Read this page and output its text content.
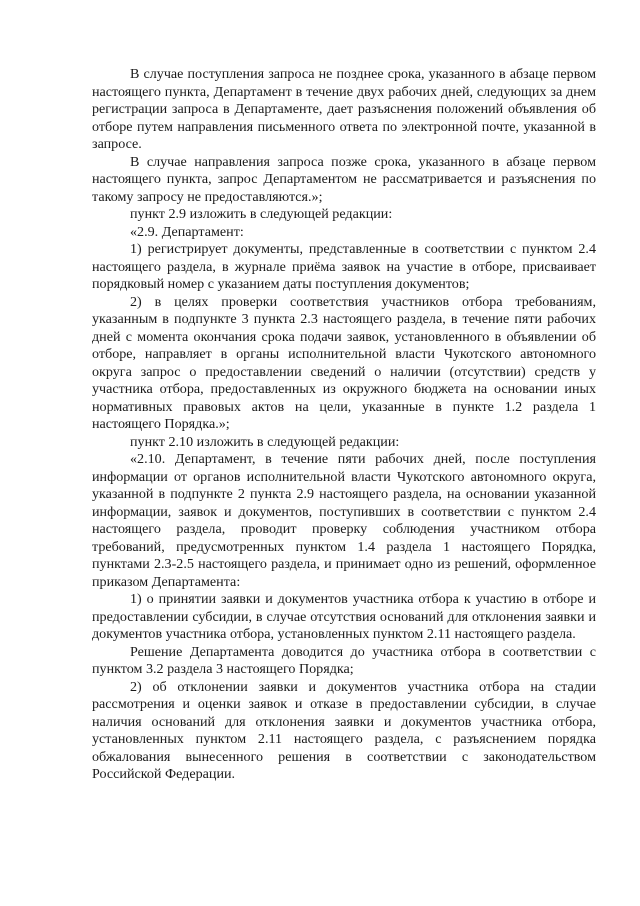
В случае поступления запроса не позднее срока, указанного в абзаце первом настоящего пункта, Департамент в течение двух рабочих дней, следующих за днем регистрации запроса в Департаменте, дает разъяснения положений объявления об отборе путем направления письменного ответа по электронной почте, указанной в запросе.

В случае направления запроса позже срока, указанного в абзаце первом настоящего пункта, запрос Департаментом не рассматривается и разъяснения по такому запросу не предоставляются.»;

пункт 2.9 изложить в следующей редакции:

«2.9. Департамент:

1) регистрирует документы, представленные в соответствии с пунктом 2.4 настоящего раздела, в журнале приёма заявок на участие в отборе, присваивает порядковый номер с указанием даты поступления документов;

2) в целях проверки соответствия участников отбора требованиям, указанным в подпункте 3 пункта 2.3 настоящего раздела, в течение пяти рабочих дней с момента окончания срока подачи заявок, установленного в объявлении об отборе, направляет в органы исполнительной власти Чукотского автономного округа запрос о предоставлении сведений о наличии (отсутствии) средств у участника отбора, предоставленных из окружного бюджета на основании иных нормативных правовых актов на цели, указанные в пункте 1.2 раздела 1 настоящего Порядка.»;

пункт 2.10 изложить в следующей редакции:

«2.10. Департамент, в течение пяти рабочих дней, после поступления информации от органов исполнительной власти Чукотского автономного округа, указанной в подпункте 2 пункта 2.9 настоящего раздела, на основании указанной информации, заявок и документов, поступивших в соответствии с пунктом 2.4 настоящего раздела, проводит проверку соблюдения участником отбора требований, предусмотренных пунктом 1.4 раздела 1 настоящего Порядка, пунктами 2.3-2.5 настоящего раздела, и принимает одно из решений, оформленное приказом Департамента:

1) о принятии заявки и документов участника отбора к участию в отборе и предоставлении субсидии, в случае отсутствия оснований для отклонения заявки и документов участника отбора, установленных пунктом 2.11 настоящего раздела.

Решение Департамента доводится до участника отбора в соответствии с пунктом 3.2 раздела 3 настоящего Порядка;

2) об отклонении заявки и документов участника отбора на стадии рассмотрения и оценки заявок и отказе в предоставлении субсидии, в случае наличия оснований для отклонения заявки и документов участника отбора, установленных пунктом 2.11 настоящего раздела, с разъяснением порядка обжалования вынесенного решения в соответствии с законодательством Российской Федерации.
